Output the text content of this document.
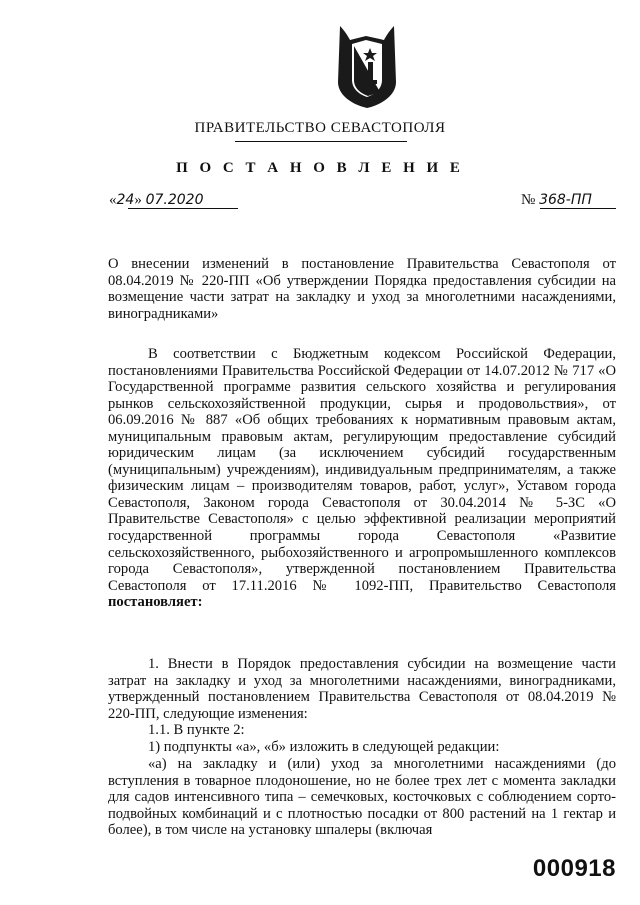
ПРАВИТЕЛЬСТВО СЕВАСТОПОЛЯ
П О С Т А Н О В Л Е Н И Е
«24» 07.2020	№ 368-ПП

О внесении изменений в постановление Правительства Севастополя от 08.04.2019 № 220-ПП «Об утверждении Порядка предоставления субсидии на возмещение части затрат на закладку и уход за многолетними насаждениями, виноградниками»

В соответствии с Бюджетным кодексом Российской Федерации, постановлениями Правительства Российской Федерации от 14.07.2012 № 717 «О Государственной программе развития сельского хозяйства и регулирования рынков сельскохозяйственной продукции, сырья и продовольствия», от 06.09.2016 № 887 «Об общих требованиях к нормативным правовым актам, муниципальным правовым актам, регулирующим предоставление субсидий юридическим лицам (за исключением субсидий государственным (муниципальным) учреждениям), индивидуальным предпринимателям, а также физическим лицам – производителям товаров, работ, услуг», Уставом города Севастополя, Законом города Севастополя от 30.04.2014 № 5-ЗС «О Правительстве Севастополя» с целью эффективной реализации мероприятий государственной программы города Севастополя «Развитие сельскохозяйственного, рыбохозяйственного и агропромышленного комплексов города Севастополя», утвержденной постановлением Правительства Севастополя от 17.11.2016 № 1092-ПП, Правительство Севастополя постановляет:

1. Внести в Порядок предоставления субсидии на возмещение части затрат на закладку и уход за многолетними насаждениями, виноградниками, утвержденный постановлением Правительства Севастополя от 08.04.2019 № 220-ПП, следующие изменения:

1.1. В пункте 2:

1) подпункты «а», «б» изложить в следующей редакции:

«а) на закладку и (или) уход за многолетними насаждениями (до вступления в товарное плодоношение, но не более трех лет с момента закладки для садов интенсивного типа – семечковых, косточковых с соблюдением сорто-подвойных комбинаций и с плотностью посадки от 800 растений на 1 гектар и более), в том числе на установку шпалеры (включая

000918
